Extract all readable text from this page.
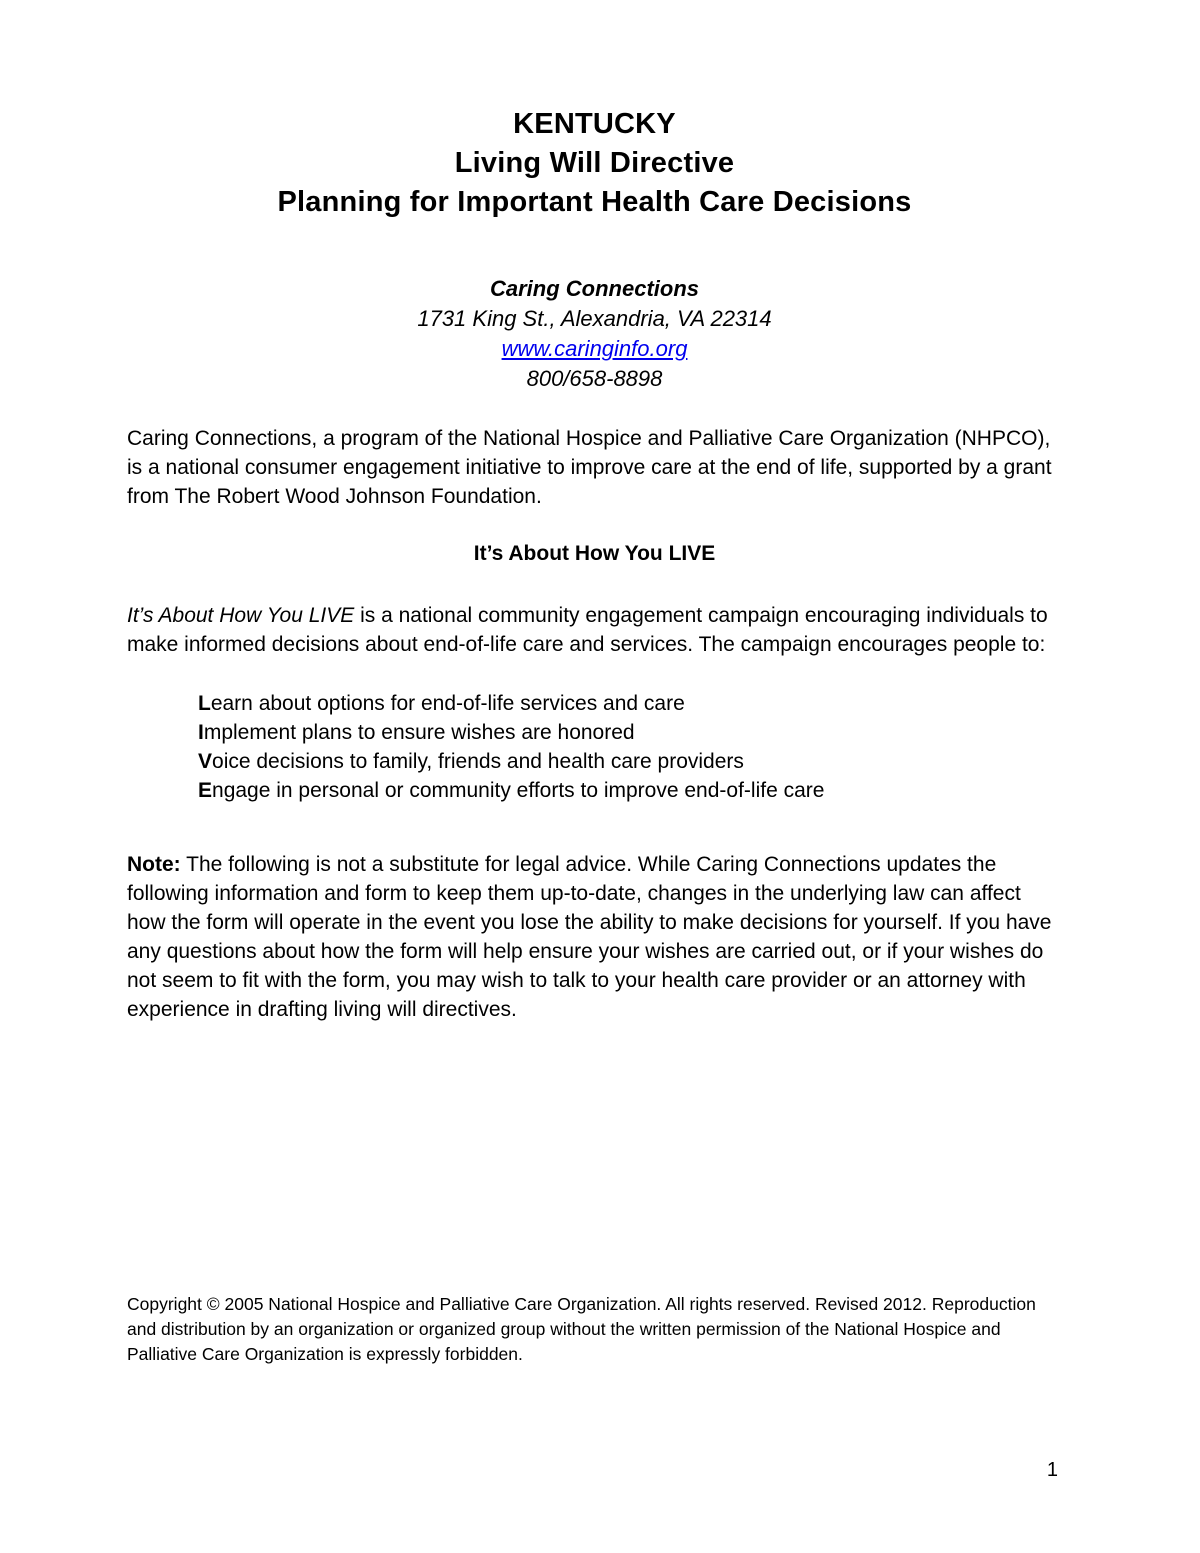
KENTUCKY
Living Will Directive
Planning for Important Health Care Decisions
Caring Connections
1731 King St., Alexandria, VA 22314
www.caringinfo.org
800/658-8898

Caring Connections, a program of the National Hospice and Palliative Care Organization (NHPCO), is a national consumer engagement initiative to improve care at the end of life, supported by a grant from The Robert Wood Johnson Foundation.

It’s About How You LIVE

It’s About How You LIVE is a national community engagement campaign encouraging individuals to make informed decisions about end-of-life care and services. The campaign encourages people to:

Learn about options for end-of-life services and care
Implement plans to ensure wishes are honored
Voice decisions to family, friends and health care providers
Engage in personal or community efforts to improve end-of-life care

Note: The following is not a substitute for legal advice. While Caring Connections updates the following information and form to keep them up-to-date, changes in the underlying law can affect how the form will operate in the event you lose the ability to make decisions for yourself. If you have any questions about how the form will help ensure your wishes are carried out, or if your wishes do not seem to fit with the form, you may wish to talk to your health care provider or an attorney with experience in drafting living will directives.

Copyright © 2005 National Hospice and Palliative Care Organization. All rights reserved. Revised 2012. Reproduction and distribution by an organization or organized group without the written permission of the National Hospice and Palliative Care Organization is expressly forbidden.
1
